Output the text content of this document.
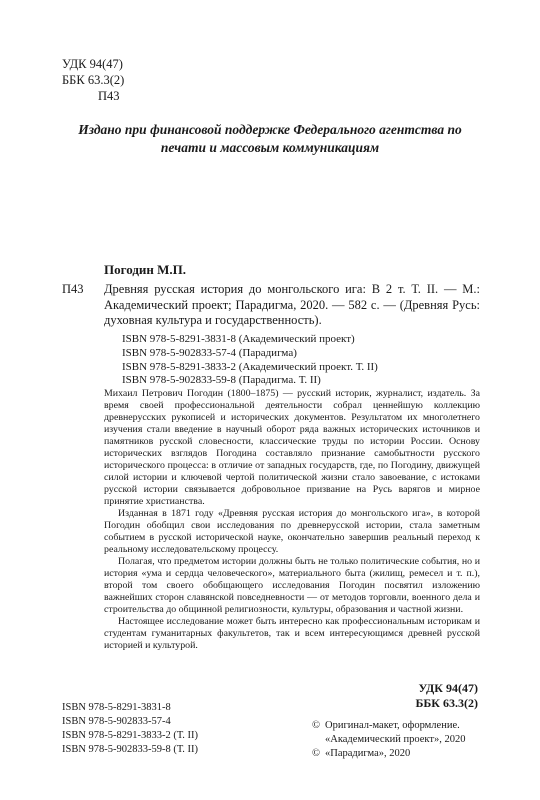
УДК 94(47)
ББК 63.3(2)
П43
Издано при финансовой поддержке Федерального агентства по печати и массовым коммуникациям
Погодин М.П.
П43 Древняя русская история до монгольского ига: В 2 т. Т. II. — М.: Академический проект; Парадигма, 2020. — 582 с. — (Древняя Русь: духовная культура и государственность).
ISBN 978-5-8291-3831-8 (Академический проект)
ISBN 978-5-902833-57-4 (Парадигма)
ISBN 978-5-8291-3833-2 (Академический проект. Т. II)
ISBN 978-5-902833-59-8 (Парадигма. Т. II)

Михаил Петрович Погодин (1800–1875) — русский историк, журналист, издатель. За время своей профессиональной деятельности собрал ценнейшую коллекцию древнерусских рукописей и исторических документов. Результатом их многолетнего изучения стали введение в научный оборот ряда важных исторических источников и памятников русской словесности, классические труды по истории России. Основу исторических взглядов Погодина составляло признание самобытности русского исторического процесса: в отличие от западных государств, где, по Погодину, движущей силой истории и ключевой чертой политической жизни стало завоевание, с истоками русской истории связывается добровольное призвание на Русь варягов и мирное принятие христианства.

Изданная в 1871 году «Древняя русская история до монгольского ига», в которой Погодин обобщил свои исследования по древнерусской истории, стала заметным событием в русской исторической науке, окончательно завершив реальный переход к реальному исследовательскому процессу.

Полагая, что предметом истории должны быть не только политические события, но и история «ума и сердца человеческого», материального быта (жилищ, ремесел и т. п.), второй том своего обобщающего исследования Погодин посвятил изложению важнейших сторон славянской повседневности — от методов торговли, военного дела и строительства до общинной религиозности, культуры, образования и частной жизни.

Настоящее исследование может быть интересно как профессиональным историкам и студентам гуманитарных факультетов, так и всем интересующимся древней русской историей и культурой.

УДК 94(47)
ББК 63.3(2)
ISBN 978-5-8291-3831-8
ISBN 978-5-902833-57-4
ISBN 978-5-8291-3833-2 (Т. II)
ISBN 978-5-902833-59-8 (Т. II)
© Оригинал-макет, оформление.
«Академический проект», 2020
© «Парадигма», 2020
